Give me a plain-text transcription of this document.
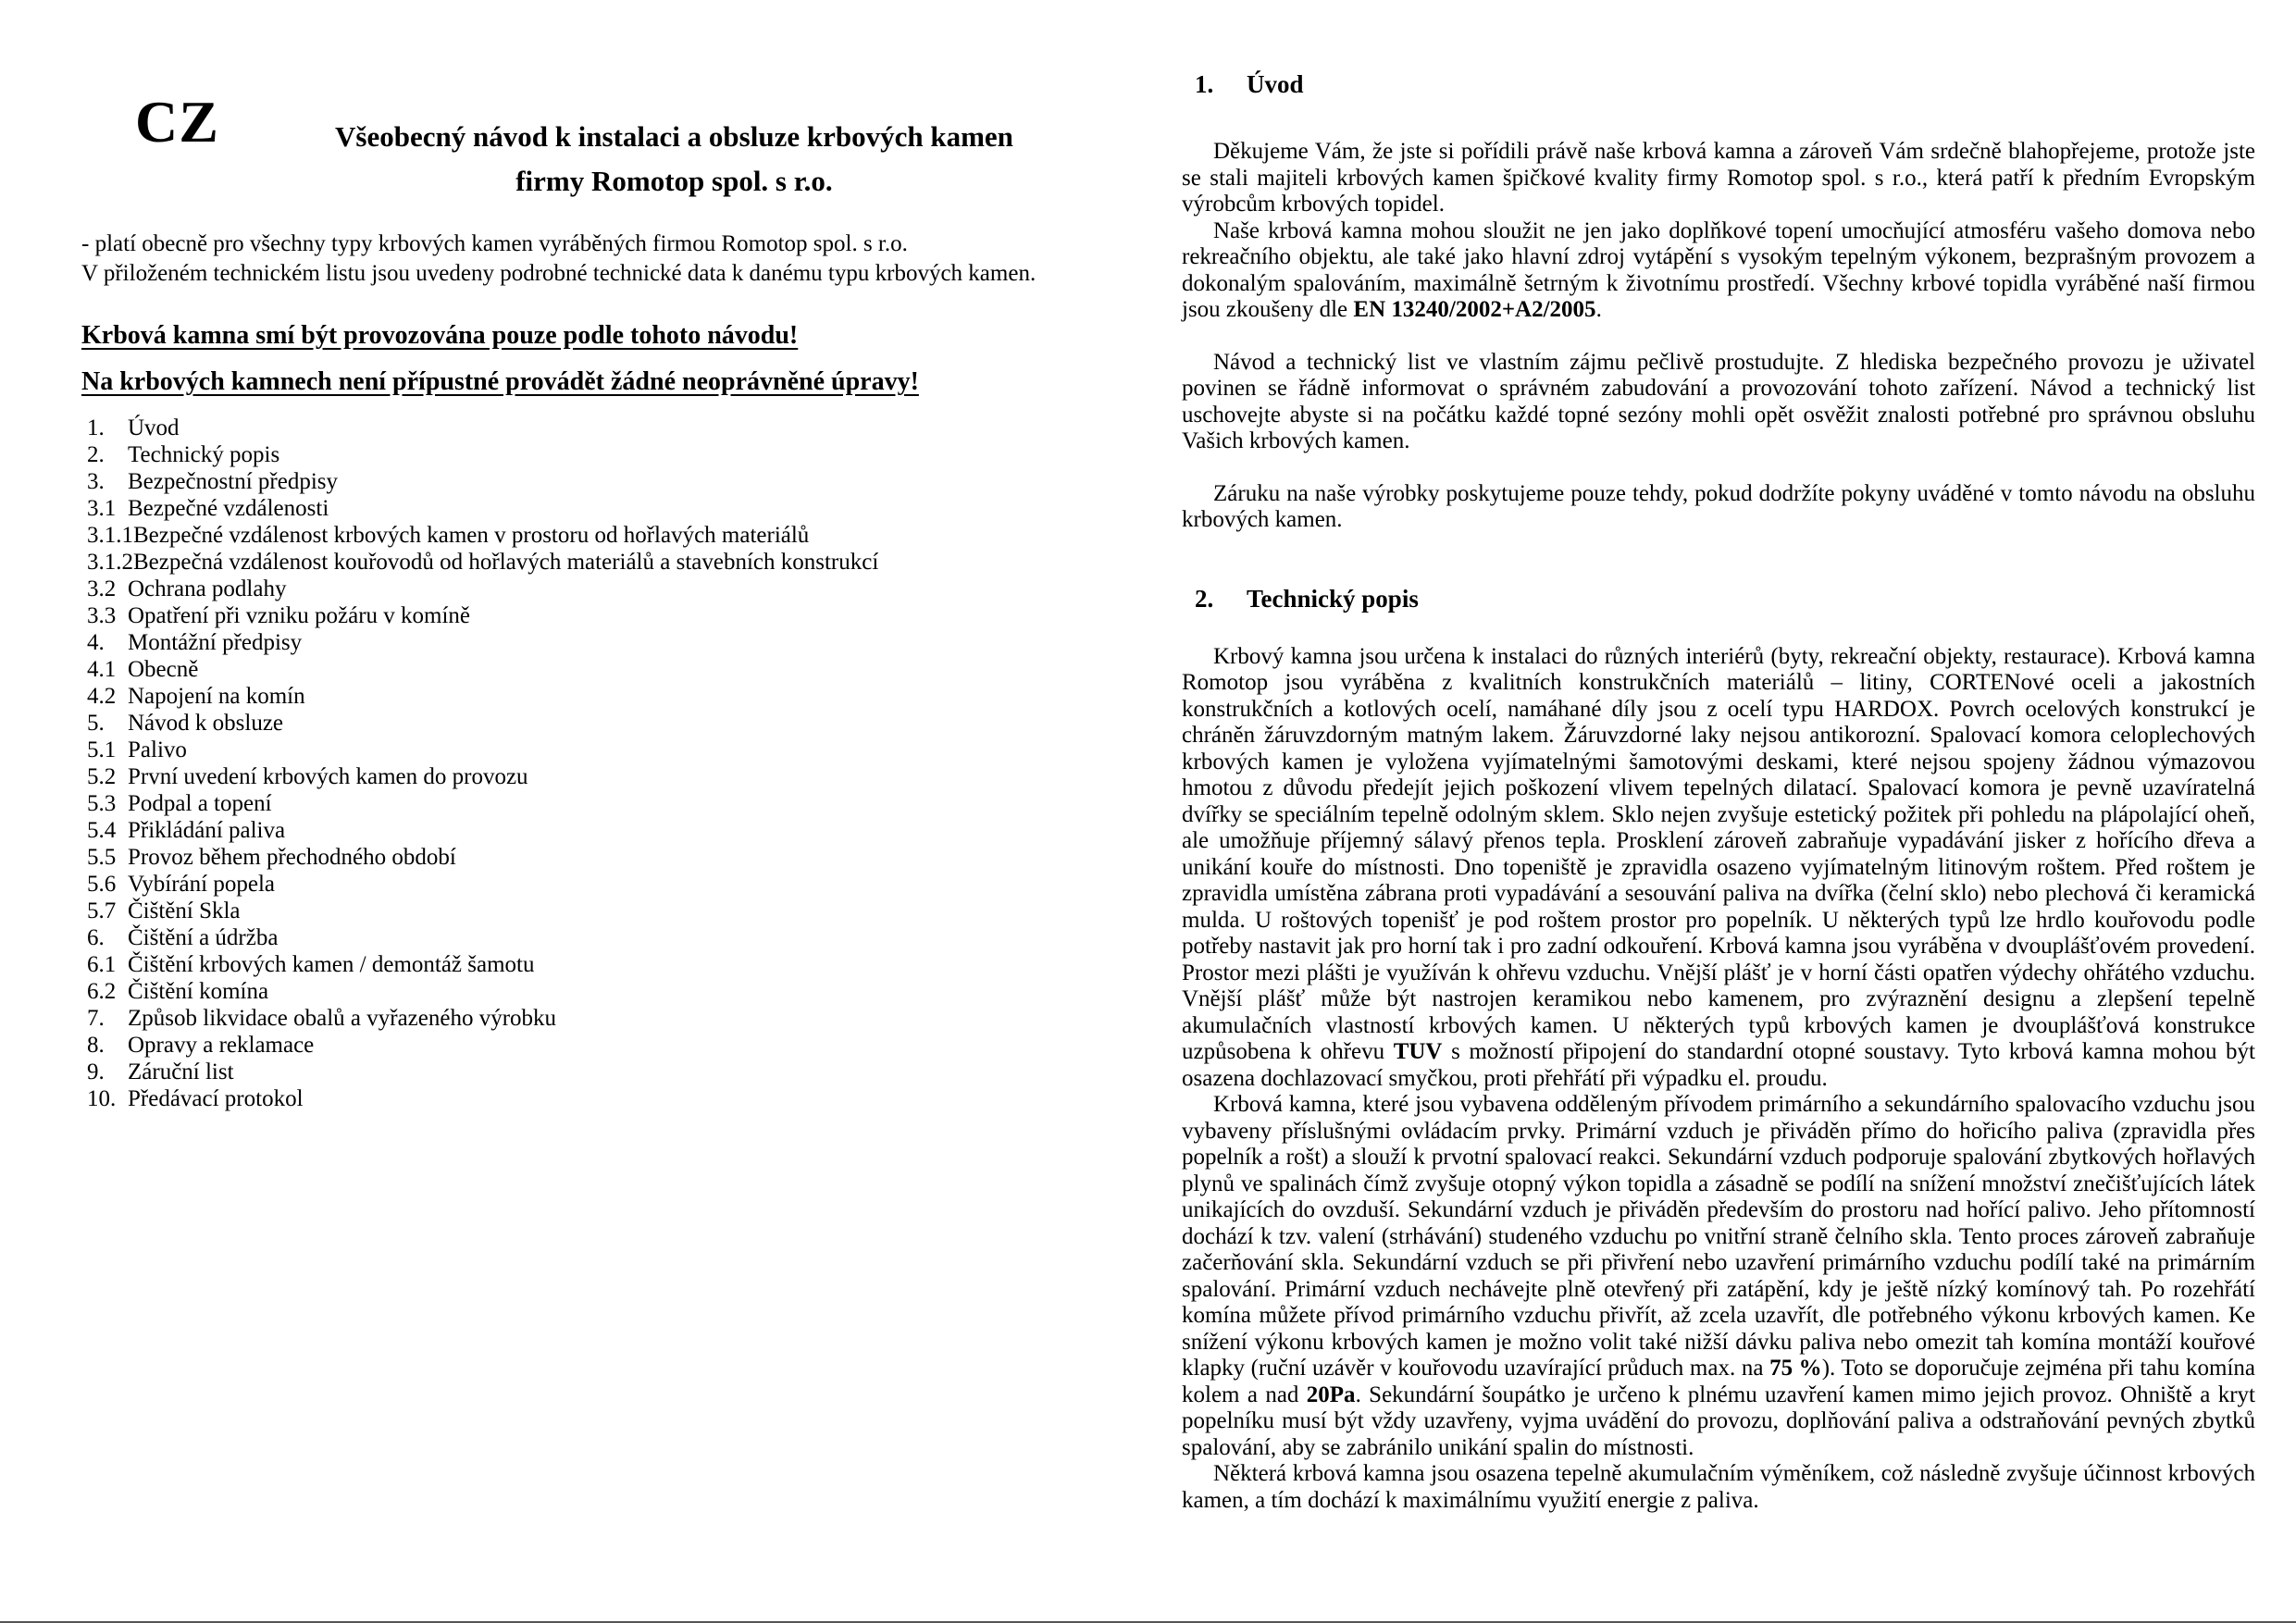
CZ	Všeobecný návod k instalaci a obsluze krbových kamen
firmy Romotop spol. s r.o.
- platí obecně pro všechny typy krbových kamen vyráběných firmou Romotop spol. s r.o.
V přiloženém technickém listu jsou uvedeny podrobné technické data k danému typu krbových kamen.

Krbová kamna smí být provozována pouze podle tohoto návodu!

Na krbových kamnech není přípustné provádět žádné neoprávněné úpravy!

1. Úvod
2. Technický popis
3. Bezpečnostní předpisy
3.1 Bezpečné vzdálenosti
3.1.1Bezpečné vzdálenost krbových kamen v prostoru od hořlavých materiálů
3.1.2Bezpečná vzdálenost kouřovodů od hořlavých materiálů a stavebních konstrukcí
3.2 Ochrana podlahy
3.3 Opatření při vzniku požáru v komíně
4. Montážní předpisy
4.1 Obecně
4.2 Napojení na komín
5. Návod k obsluze
5.1 Palivo
5.2 První uvedení krbových kamen do provozu
5.3 Podpal a topení
5.4 Přikládání paliva
5.5 Provoz během přechodného období
5.6 Vybírání popela
5.7 Čištění Skla
6. Čištění a údržba
6.1 Čištění krbových kamen / demontáž šamotu
6.2 Čištění komína
7. Způsob likvidace obalů a vyřazeného výrobku
8. Opravy a reklamace
9. Záruční list
10. Předávací protokol
1. Úvod

Děkujeme Vám, že jste si pořídili právě naše krbová kamna a zároveň Vám srdečně blahopřejeme, protože jste se stali majiteli krbových kamen špičkové kvality firmy Romotop spol. s r.o., která patří k předním Evropským výrobcům krbových topidel.

Naše krbová kamna mohou sloužit ne jen jako doplňkové topení umocňující atmosféru vašeho domova nebo rekreačního objektu, ale také jako hlavní zdroj vytápění s vysokým tepelným výkonem, bezprašným provozem a dokonalým spalováním, maximálně šetrným k životnímu prostředí. Všechny krbové topidla vyráběné naší firmou jsou zkoušeny dle EN 13240/2002+A2/2005.

Návod a technický list ve vlastním zájmu pečlivě prostudujte. Z hlediska bezpečného provozu je uživatel povinen se řádně informovat o správném zabudování a provozování tohoto zařízení. Návod a technický list uschovejte abyste si na počátku každé topné sezóny mohli opět osvěžit znalosti potřebné pro správnou obsluhu Vašich krbových kamen.

Záruku na naše výrobky poskytujeme pouze tehdy, pokud dodržíte pokyny uváděné v tomto návodu na obsluhu krbových kamen.

2. Technický popis

Krbový kamna jsou určena k instalaci do různých interiérů (byty, rekreační objekty, restaurace). Krbová kamna Romotop jsou vyráběna z kvalitních konstrukčních materiálů – litiny, CORTENové oceli a jakostních konstrukčních a kotlových ocelí, namáhané díly jsou z ocelí typu HARDOX. Povrch ocelových konstrukcí je chráněn žáruvzdorným matným lakem. Žáruvzdorné laky nejsou antikorozní. Spalovací komora celoplechových krbových kamen je vyložena vyjímatelnými šamotovými deskami, které nejsou spojeny žádnou výmazovou hmotou z důvodu předejít jejich poškození vlivem tepelných dilatací. Spalovací komora je pevně uzavíratelná dvířky se speciálním tepelně odolným sklem. Sklo nejen zvyšuje estetický požitek při pohledu na plápolající oheň, ale umožňuje příjemný sálavý přenos tepla. Prosklení zároveň zabraňuje vypadávání jisker z hořícího dřeva a unikání kouře do místnosti. Dno topeniště je zpravidla osazeno vyjímatelným litinovým roštem. Před roštem je zpravidla umístěna zábrana proti vypadávání a sesouvání paliva na dvířka (čelní sklo) nebo plechová či keramická mulda. U roštových topenišť je pod roštem prostor pro popelník. U některých typů lze hrdlo kouřovodu podle potřeby nastavit jak pro horní tak i pro zadní odkouření. Krbová kamna jsou vyráběna v dvouplášťovém provedení. Prostor mezi plášti je využíván k ohřevu vzduchu. Vnější plášť je v horní části opatřen výdechy ohřátého vzduchu. Vnější plášť může být nastrojen keramikou nebo kamenem, pro zvýraznění designu a zlepšení tepelně akumulačních vlastností krbových kamen. U některých typů krbových kamen je dvouplášťová konstrukce uzpůsobena k ohřevu TUV s možností připojení do standardní otopné soustavy. Tyto krbová kamna mohou být osazena dochlazovací smyčkou, proti přehřátí při výpadku el. proudu.

Krbová kamna, které jsou vybavena odděleným přívodem primárního a sekundárního spalovacího vzduchu jsou vybaveny příslušnými ovládacím prvky. Primární vzduch je přiváděn přímo do hořicího paliva (zpravidla přes popelník a rošt) a slouží k prvotní spalovací reakci. Sekundární vzduch podporuje spalování zbytkových hořlavých plynů ve spalinách čímž zvyšuje otopný výkon topidla a zásadně se podílí na snížení množství znečišťujících látek unikajících do ovzduší. Sekundární vzduch je přiváděn především do prostoru nad hořící palivo. Jeho přítomností dochází k tzv. valení (strhávání) studeného vzduchu po vnitřní straně čelního skla. Tento proces zároveň zabraňuje začerňování skla. Sekundární vzduch se při přivření nebo uzavření primárního vzduchu podílí také na primárním spalování. Primární vzduch nechávejte plně otevřený při zatápění, kdy je ještě nízký komínový tah. Po rozehřátí komína můžete přívod primárního vzduchu přivřít, až zcela uzavřít, dle potřebného výkonu krbových kamen. Ke snížení výkonu krbových kamen je možno volit také nižší dávku paliva nebo omezit tah komína montáží kouřové klapky (ruční uzávěr v kouřovodu uzavírající průduch max. na 75 %). Toto se doporučuje zejména při tahu komína kolem a nad 20Pa. Sekundární šoupátko je určeno k plnému uzavření kamen mimo jejich provoz. Ohniště a kryt popelníku musí být vždy uzavřeny, vyjma uvádění do provozu, doplňování paliva a odstraňování pevných zbytků spalování, aby se zabránilo unikání spalin do místnosti.

Některá krbová kamna jsou osazena tepelně akumulačním výměníkem, což následně zvyšuje účinnost krbových kamen, a tím dochází k maximálnímu využití energie z paliva.
